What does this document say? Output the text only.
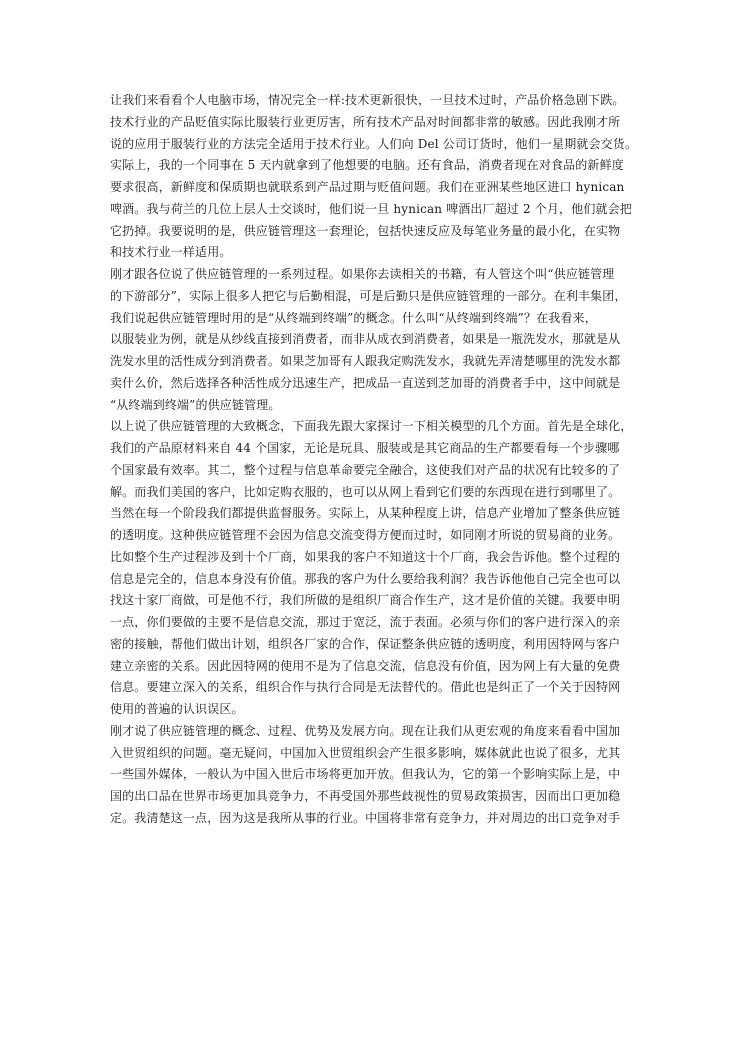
让我们来看看个人电脑市场，情况完全一样:技术更新很快，一旦技术过时，产品价格急剧下跌。
技术行业的产品贬值实际比服装行业更厉害，所有技术产品对时间都非常的敏感。因此我刚才所
说的应用于服装行业的方法完全适用于技术行业。人们向 Del 公司订货时，他们一星期就会交货。
实际上，我的一个同事在 5 天内就拿到了他想要的电脑。还有食品，消费者现在对食品的新鲜度
要求很高，新鲜度和保质期也就联系到产品过期与贬值问题。我们在亚洲某些地区进口 hynican
啤酒。我与荷兰的几位上层人士交谈时，他们说一旦 hynican 啤酒出厂超过 2 个月，他们就会把
它扔掉。我要说明的是，供应链管理这一套理论，包括快速反应及每笔业务量的最小化，在实物
和技术行业一样适用。
刚才跟各位说了供应链管理的一系列过程。如果你去读相关的书籍，有人管这个叫“供应链管理
的下游部分”，实际上很多人把它与后勤相混，可是后勤只是供应链管理的一部分。在利丰集团，
我们说起供应链管理时用的是“从终端到终端”的概念。什么叫“从终端到终端”？在我看来，
以服装业为例，就是从纱线直接到消费者，而非从成衣到消费者，如果是一瓶洗发水，那就是从
洗发水里的活性成分到消费者。如果芝加哥有人跟我定购洗发水，我就先弄清楚哪里的洗发水都
卖什么价，然后选择各种活性成分迅速生产，把成品一直送到芝加哥的消费者手中，这中间就是
“从终端到终端”的供应链管理。
以上说了供应链管理的大致概念，下面我先跟大家探讨一下相关模型的几个方面。首先是全球化，
我们的产品原材料来自 44 个国家，无论是玩具、服装或是其它商品的生产都要看每一个步骤哪
个国家最有效率。其二，整个过程与信息革命要完全融合，这使我们对产品的状况有比较多的了
解。而我们美国的客户，比如定购衣服的，也可以从网上看到它们要的东西现在进行到哪里了。
当然在每一个阶段我们都提供监督服务。实际上，从某种程度上讲，信息产业增加了整条供应链
的透明度。这种供应链管理不会因为信息交流变得方便而过时，如同刚才所说的贸易商的业务。
比如整个生产过程涉及到十个厂商，如果我的客户不知道这十个厂商，我会告诉他。整个过程的
信息是完全的，信息本身没有价值。那我的客户为什么要给我利润？我告诉他他自己完全也可以
找这十家厂商做，可是他不行，我们所做的是组织厂商合作生产，这才是价值的关键。我要申明
一点，你们要做的主要不是信息交流，那过于宽泛，流于表面。必须与你们的客户进行深入的亲
密的接触，帮他们做出计划，组织各厂家的合作，保证整条供应链的透明度，利用因特网与客户
建立亲密的关系。因此因特网的使用不是为了信息交流，信息没有价值，因为网上有大量的免费
信息。要建立深入的关系，组织合作与执行合同是无法替代的。借此也是纠正了一个关于因特网
使用的普遍的认识误区。
刚才说了供应链管理的概念、过程、优势及发展方向。现在让我们从更宏观的角度来看看中国加
入世贸组织的问题。毫无疑问，中国加入世贸组织会产生很多影响，媒体就此也说了很多，尤其
一些国外媒体，一般认为中国入世后市场将更加开放。但我认为，它的第一个影响实际上是，中
国的出口品在世界市场更加具竞争力，不再受国外那些歧视性的贸易政策损害，因而出口更加稳
定。我清楚这一点，因为这是我所从事的行业。中国将非常有竞争力，并对周边的出口竞争对手
